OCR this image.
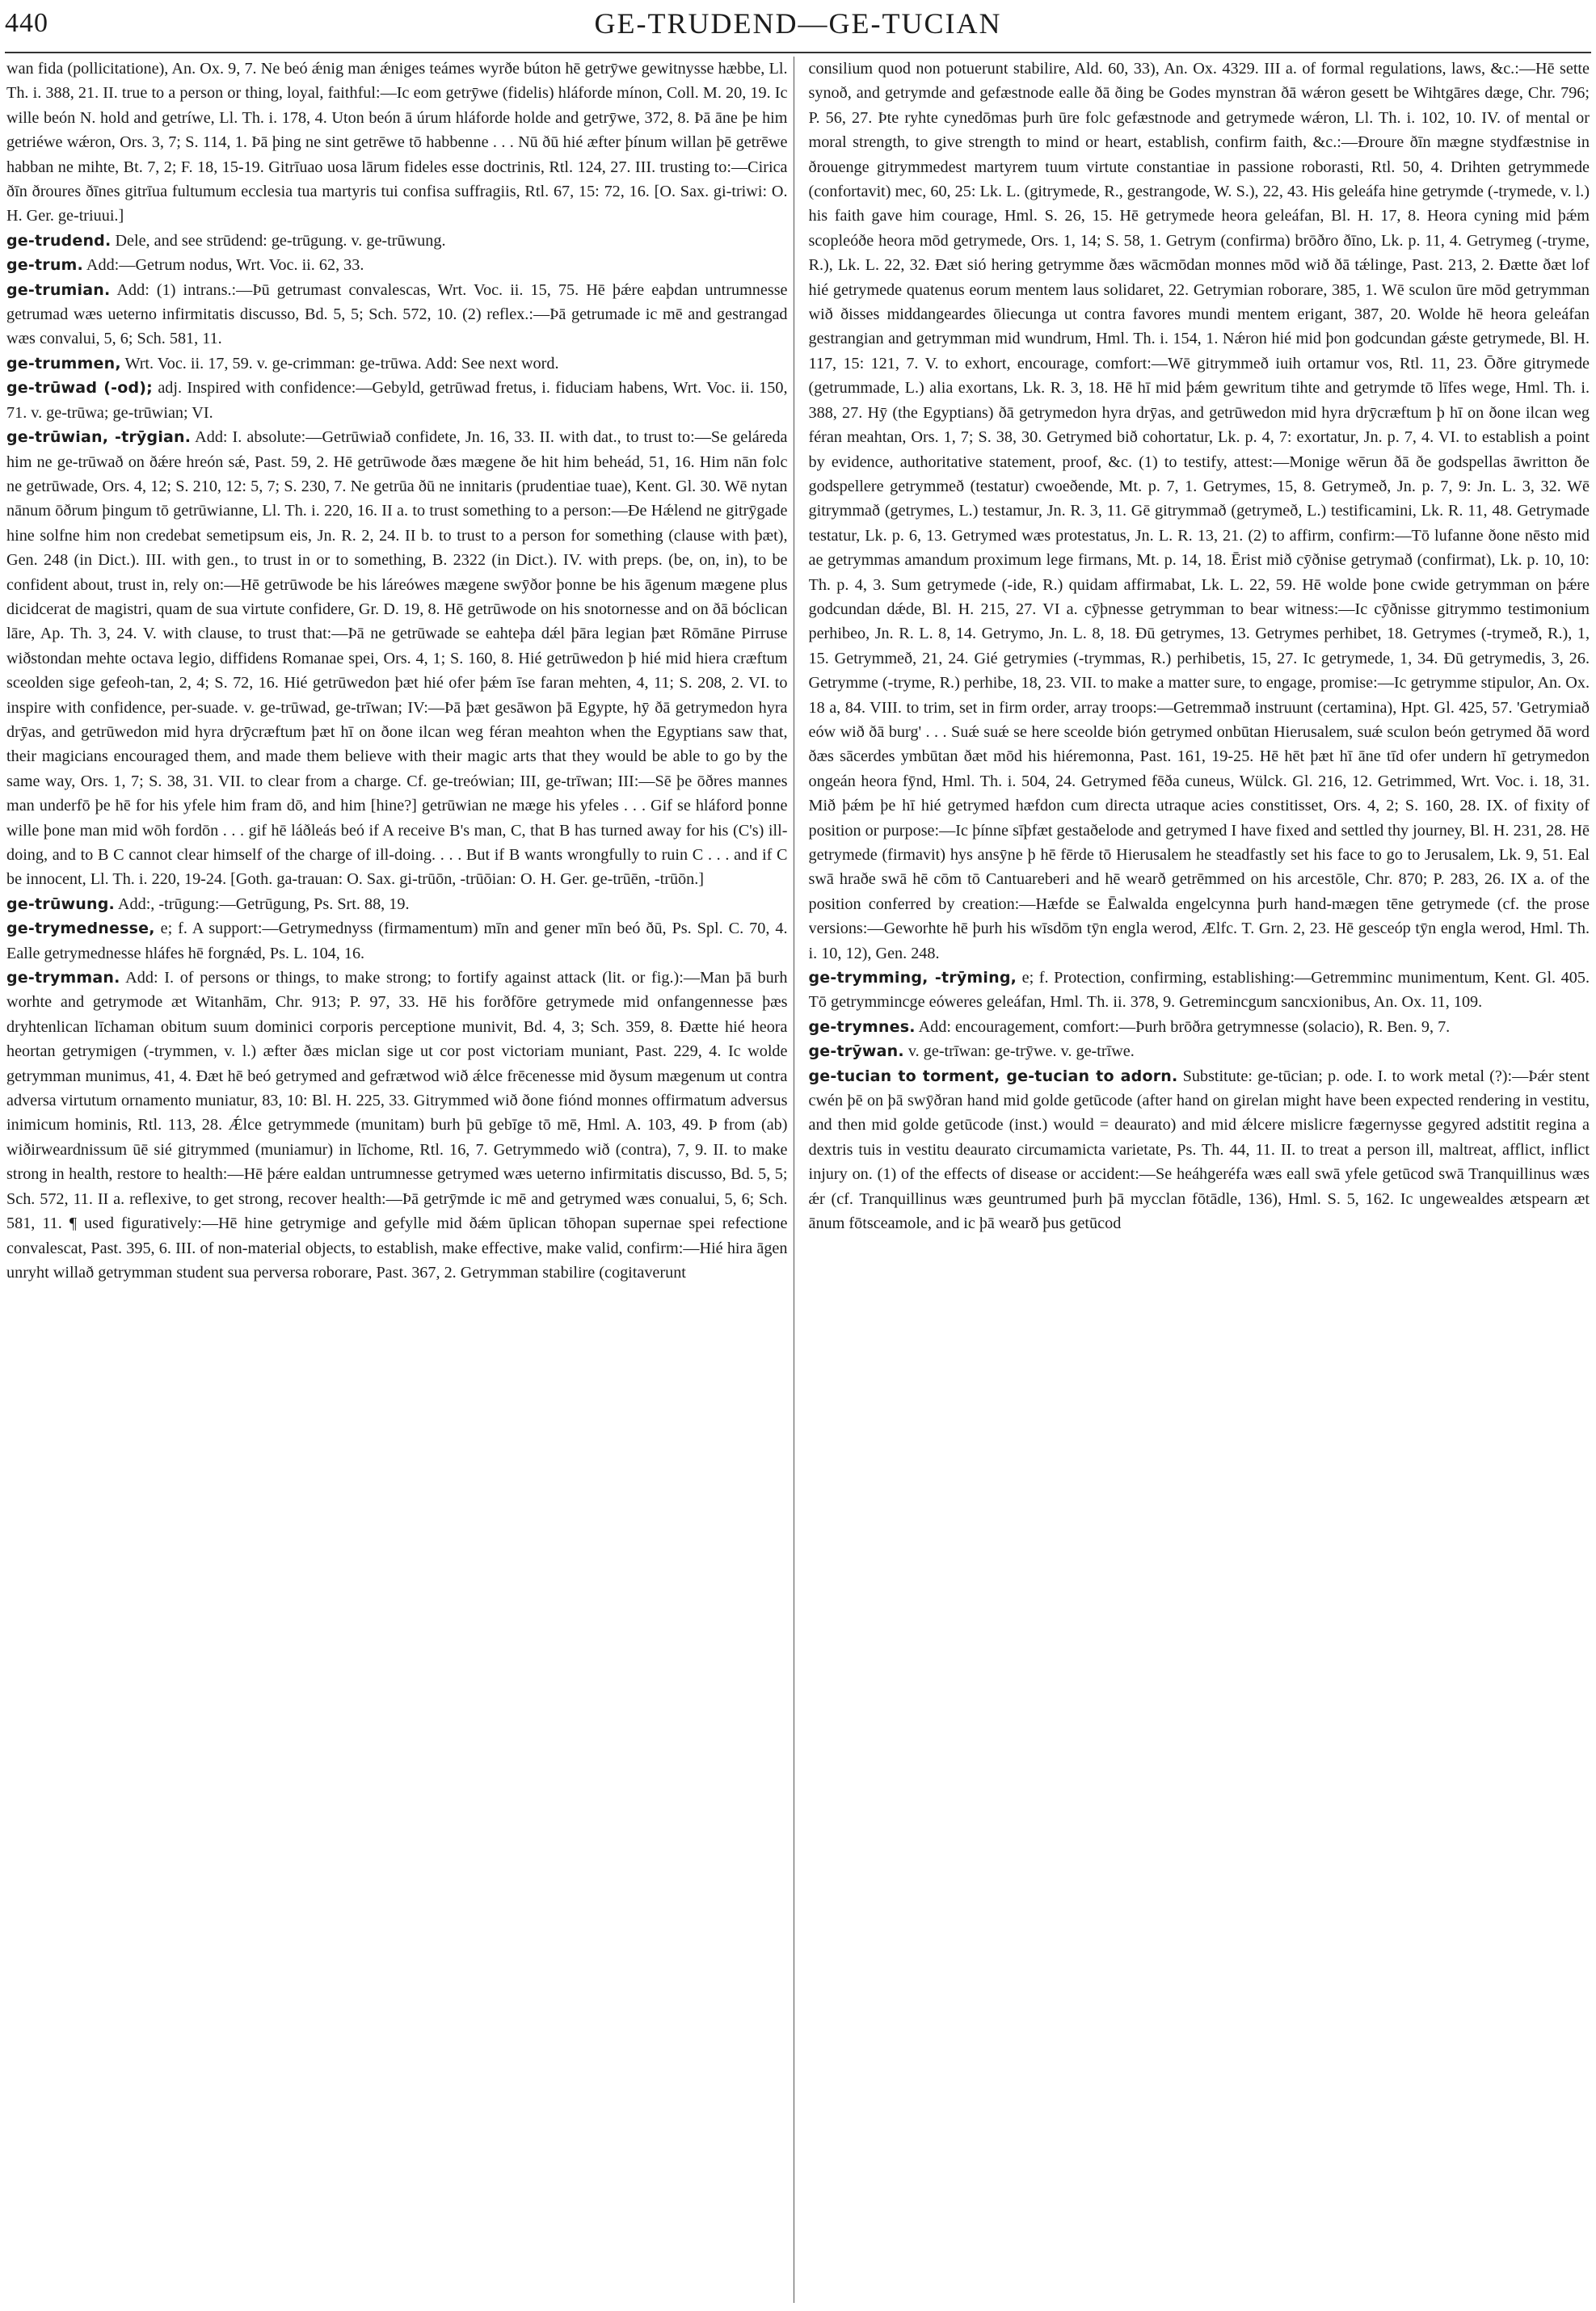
440	GE-TRUDEND—GE-TUCIAN

wan fida (pollicitatione), An. Ox. 9, 7. Ne beó ǽnig man ǽniges teámes wyrðe búton hē getrȳwe gewitnysse hæbbe, Ll. Th. i. 388, 21. II. true to a person or thing, loyal, faithful:—Ic eom getrȳwe (fidelis) hláforde mínon, Coll. M. 20, 19. Ic wille beón N. hold and getríwe, Ll. Th. i. 178, 4. Uton beón ā úrum hláforde holde and getrȳwe, 372, 8. Þā āne þe him getriéwe wǽron, Ors. 3, 7; S. 114, 1. Þā þing ne sint getrēwe tō habbenne . . . Nū ðū hié æfter þínum willan þē getrēwe habban ne mihte, Bt. 7, 2; F. 18, 15-19. Gitrīuao uosa lārum fideles esse doctrinis, Rtl. 124, 27. III. trusting to:—Cirica ðīn ðroures ðīnes gitrīua fultumum ecclesia tua martyris tui confisa suffragiis, Rtl. 67, 15: 72, 16. [O. Sax. gi-triwi: O. H. Ger. ge-triuui.]

ge-trudend. Dele, and see strūdend: ge-trūgung. v. ge-trūwung.

ge-trum. Add:—Getrum nodus, Wrt. Voc. ii. 62, 33.

ge-trumian. Add: (1) intrans.:—Þū getrumast convalescas, Wrt. Voc. ii. 15, 75. Hē þǽre eaþdan untrumnesse getrumad wæs ueterno infirmitatis discusso, Bd. 5, 5; Sch. 572, 10. (2) reflex.:—Þā getrumade ic mē and gestrangad wæs convalui, 5, 6; Sch. 581, 11.

ge-trummen, Wrt. Voc. ii. 17, 59. v. ge-crimman: ge-trūwa. Add: See next word.

ge-trūwad (-od); adj. Inspired with confidence:—Gebyld, getrūwad fretus, i. fiduciam habens, Wrt. Voc. ii. 150, 71. v. ge-trūwa; ge-trūwian; VI.

ge-trūwian, -trȳgian. Add: I. absolute:—Getrūwiað confidete, Jn. 16, 33. II. with dat., to trust to:—Se geláreda him ne ge-trūwað on ðǽre hreón sǽ, Past. 59, 2. Hē getrūwode ðæs mægene ðe hit him beheád, 51, 16. Him nān folc ne getrūwade, Ors. 4, 12; S. 210, 12: 5, 7; S. 230, 7. Ne getrūa ðū ne innitaris (prudentiae tuae), Kent. Gl. 30. Wē nytan nānum ōðrum þingum tō getrūwianne, Ll. Th. i. 220, 16. II a. to trust something to a person:—Ðe Hǽlend ne gitrȳgade hine solfne him non credebat semetipsum eis, Jn. R. 2, 24. II b. to trust to a person for something (clause with þæt), Gen. 248 (in Dict.). III. with gen., to trust in or to something, B. 2322 (in Dict.). IV. with preps. (be, on, in), to be confident about, trust in, rely on:—Hē getrūwode be his láreówes mægene swȳðor þonne be his āgenum mægene plus dicidcerat de magistri, quam de sua virtute confidere, Gr. D. 19, 8. Hē getrūwode on his snotornesse and on ðā bóclican lāre, Ap. Th. 3, 24. V. with clause, to trust that:—Þā ne getrūwade se eahteþa dǽl þāra legian þæt Rōmāne Pirruse wiðstondan mehte octava legio, diffidens Romanae spei, Ors. 4, 1; S. 160, 8. Hié getrūwedon þ hié mid hiera cræftum sceolden sige gefeoh-tan, 2, 4; S. 72, 16. Hié getrūwedon þæt hié ofer þǽm īse faran mehten, 4, 11; S. 208, 2. VI. to inspire with confidence, per-suade. v. ge-trūwad, ge-trīwan; IV:—Þā þæt gesāwon þā Egypte, hȳ ðā getrymedon hyra drȳas, and getrūwedon mid hyra drȳcræftum þæt hī on ðone ilcan weg féran meahton when the Egyptians saw that, their magicians encouraged them, and made them believe with their magic arts that they would be able to go by the same way, Ors. 1, 7; S. 38, 31. VII. to clear from a charge. Cf. ge-treówian; III, ge-trīwan; III:—Sē þe ōðres mannes man underfō þe hē for his yfele him fram dō, and him [hine?] getrūwian ne mæge his yfeles . . . Gif se hláford þonne wille þone man mid wōh fordōn . . . gif hē láðleás beó if A receive B's man, C, that B has turned away for his (C's) ill-doing, and to B C cannot clear himself of the charge of ill-doing. . . . But if B wants wrongfully to ruin C . . . and if C be innocent, Ll. Th. i. 220, 19-24. [Goth. ga-trauan: O. Sax. gi-trūōn, -trūōian: O. H. Ger. ge-trūēn, -trūōn.]

ge-trūwung. Add:, -trūgung:—Getrūgung, Ps. Srt. 88, 19.

ge-trymednesse, e; f. A support:—Getrymednyss (firmamentum) mīn and gener mīn beó ðū, Ps. Spl. C. 70, 4. Ealle getrymednesse hláfes hē forgnǽd, Ps. L. 104, 16.

ge-trymman. Add: I. of persons or things, to make strong; to fortify against attack (lit. or fig.):—Man þā burh worhte and getrymode æt Witanhām, Chr. 913; P. 97, 33. Hē his forðfōre getrymede mid onfangennesse þæs dryhtenlican līchaman obitum suum dominici corporis perceptione munivit, Bd. 4, 3; Sch. 359, 8. Ðætte hié heora heortan getrymigen (-trymmen, v. l.) æfter ðæs miclan sige ut cor post victoriam muniant, Past. 229, 4. Ic wolde getrymman munimus, 41, 4. Ðæt hē beó getrymed and gefrætwod wið ǽlce frēcenesse mid ðysum mægenum ut contra adversa virtutum ornamento muniatur, 83, 10: Bl. H. 225, 33. Gitrymmed wið ðone fiónd monnes offirmatum adversus inimicum hominis, Rtl. 113, 28. Ǽlce getrymmede (munitam) burh þū gebīge tō mē, Hml. A. 103, 49. Þ from (ab) wiðirweardnissum ūē sié gitrymmed (muniamur) in līchome, Rtl. 16, 7. Getrymmedo wið (contra), 7, 9. II. to make strong in health, restore to health:—Hē þǽre ealdan untrumnesse getrymed wæs ueterno infirmitatis discusso, Bd. 5, 5; Sch. 572, 11. II a. reflexive, to get strong, recover health:—Þā getrȳmde ic mē and getrymed wæs conualui, 5, 6; Sch. 581, 11. ¶ used figuratively:—Hē hine getrymige and gefylle mid ðǽm ūplican tōhopan supernae spei refectione convalescat, Past. 395, 6. III. of non-material objects, to establish, make effective, make valid, confirm:—Hié hira āgen unryht willað getrymman student sua perversa roborare, Past. 367, 2. Getrymman stabilire (cogitaverunt

consilium quod non potuerunt stabilire, Ald. 60, 33), An. Ox. 4329. III a. of formal regulations, laws, &c.:—Hē sette synoð, and getrymde and gefæstnode ealle ðā ðing be Godes mynstran ðā wǽron gesett be Wihtgāres dæge, Chr. 796; P. 56, 27. Þte ryhte cynedōmas þurh ūre folc gefæstnode and getrymede wǽron, Ll. Th. i. 102, 10. IV. of mental or moral strength, to give strength to mind or heart, establish, confirm faith, &c.:—Ðroure ðīn mægne stydfæstnise in ðrouenge gitrymmedest martyrem tuum virtute constantiae in passione roborasti, Rtl. 50, 4. Drihten getrymmede (confortavit) mec, 60, 25: Lk. L. (gitrymede, R., gestrangode, W. S.), 22, 43. His geleáfa hine getrymde (-trymede, v. l.) his faith gave him courage, Hml. S. 26, 15. Hē getrymede heora geleáfan, Bl. H. 17, 8. Heora cyning mid þǽm scopleóðe heora mōd getrymede, Ors. 1, 14; S. 58, 1. Getrym (confirma) brōðro ðīno, Lk. p. 11, 4. Getrymeg (-tryme, R.), Lk. L. 22, 32. Ðæt sió hering getrymme ðæs wācmōdan monnes mōd wið ðā tǽlinge, Past. 213, 2. Ðætte ðæt lof hié getrymede quatenus eorum mentem laus solidaret, 22. Getrymian roborare, 385, 1. Wē sculon ūre mōd getrymman wið ðisses middangeardes ōliecunga ut contra favores mundi mentem erigant, 387, 20. Wolde hē heora geleáfan gestrangian and getrymman mid wundrum, Hml. Th. i. 154, 1. Nǽron hié mid þon godcundan gǽste getrymede, Bl. H. 117, 15: 121, 7. V. to exhort, encourage, comfort:—Wē gitrymmeð iuih ortamur vos, Rtl. 11, 23. Ōðre gitrymede (getrummade, L.) alia exortans, Lk. R. 3, 18. Hē hī mid þǽm gewritum tihte and getrymde tō līfes wege, Hml. Th. i. 388, 27. Hȳ (the Egyptians) ðā getrymedon hyra drȳas, and getrūwedon mid hyra drȳcræftum þ hī on ðone ilcan weg féran meahtan, Ors. 1, 7; S. 38, 30. Getrymed bið cohortatur, Lk. p. 4, 7: exortatur, Jn. p. 7, 4. VI. to establish a point by evidence, authoritative statement, proof, &c. (1) to testify, attest:—Monige wērun ðā ðe godspellas āwritton ðe godspellere getrymmeð (testatur) cwoeðende, Mt. p. 7, 1. Getrymes, 15, 8. Getrymeð, Jn. p. 7, 9: Jn. L. 3, 32. Wē gitrymmað (getrymes, L.) testamur, Jn. R. 3, 11. Gē gitrymmað (getrymeð, L.) testificamini, Lk. R. 11, 48. Getrymade testatur, Lk. p. 6, 13. Getrymed wæs protestatus, Jn. L. R. 13, 21. (2) to affirm, confirm:—Tō lufanne ðone nēsto mid ae getrymmas amandum proximum lege firmans, Mt. p. 14, 18. Ērist mið cȳðnise getrymað (confirmat), Lk. p. 10, 10: Th. p. 4, 3. Sum getrymede (-ide, R.) quidam affirmabat, Lk. L. 22, 59. Hē wolde þone cwide getrymman on þǽre godcundan dǽde, Bl. H. 215, 27. VI a. cȳþnesse getrymman to bear witness:—Ic cȳðnisse gitrymmo testimonium perhibeo, Jn. R. L. 8, 14. Getrymo, Jn. L. 8, 18. Ðū getrymes, 13. Getrymes perhibet, 18. Getrymes (-trymeð, R.), 1, 15. Getrymmeð, 21, 24. Gié getrymies (-trymmas, R.) perhibetis, 15, 27. Ic getrymede, 1, 34. Ðū getrymedis, 3, 26. Getrymme (-tryme, R.) perhibe, 18, 23. VII. to make a matter sure, to engage, promise:—Ic getrymme stipulor, An. Ox. 18 a, 84. VIII. to trim, set in firm order, array troops:—Getremmað instruunt (certamina), Hpt. Gl. 425, 57. 'Getrymiað eów wið ðā burg' . . . Suǽ suǽ se here sceolde bión getrymed onbūtan Hierusalem, suǽ sculon beón getrymed ðā word ðæs sācerdes ymbūtan ðæt mōd his hiéremonna, Past. 161, 19-25. Hē hēt þæt hī āne tīd ofer undern hī getrymedon ongeán heora fȳnd, Hml. Th. i. 504, 24. Getrymed fēða cuneus, Wülck. Gl. 216, 12. Getrimmed, Wrt. Voc. i. 18, 31. Mið þǽm þe hī hié getrymed hæfdon cum directa utraque acies constitisset, Ors. 4, 2; S. 160, 28. IX. of fixity of position or purpose:—Ic þínne sīþfæt gestaðelode and getrymed I have fixed and settled thy journey, Bl. H. 231, 28. Hē getrymede (firmavit) hys ansȳne þ hē fērde tō Hierusalem he steadfastly set his face to go to Jerusalem, Lk. 9, 51. Eal swā hraðe swā hē cōm tō Cantuareberi and hē wearð getrēmmed on his arcestōle, Chr. 870; P. 283, 26. IX a. of the position conferred by creation:—Hæfde se Ēalwalda engelcynna þurh hand-mægen tēne getrymede (cf. the prose versions:—Geworhte hē þurh his wīsdōm tȳn engla werod, Ælfc. T. Grn. 2, 23. Hē gesceóp tȳn engla werod, Hml. Th. i. 10, 12), Gen. 248.

ge-trymming, -trȳming, e; f. Protection, confirming, establishing:—Getremminc munimentum, Kent. Gl. 405. Tō getrymmincge eóweres geleáfan, Hml. Th. ii. 378, 9. Getremincgum sancxionibus, An. Ox. 11, 109.

ge-trymnes. Add: encouragement, comfort:—Þurh brōðra getrymnesse (solacio), R. Ben. 9, 7.

ge-trȳwan. v. ge-trīwan: ge-trȳwe. v. ge-trīwe.

ge-tucian to torment, ge-tucian to adorn. Substitute: ge-tūcian; p. ode. I. to work metal (?):—Þǽr stent cwén þē on þā swȳðran hand mid golde getūcode (after hand on girelan might have been expected rendering in vestitu, and then mid golde getūcode (inst.) would = deaurato) and mid ǽlcere mislicre fægernysse gegyred adstitit regina a dextris tuis in vestitu deaurato circumamicta varietate, Ps. Th. 44, 11. II. to treat a person ill, maltreat, afflict, inflict injury on. (1) of the effects of disease or accident:—Se heáhgeréfa wæs eall swā yfele getūcod swā Tranquillinus wæs ǽr (cf. Tranquillinus wæs geuntrumed þurh þā mycclan fōtādle, 136), Hml. S. 5, 162. Ic ungewealdes ætspearn æt ānum fōtsceamole, and ic þā wearð þus getūcod
